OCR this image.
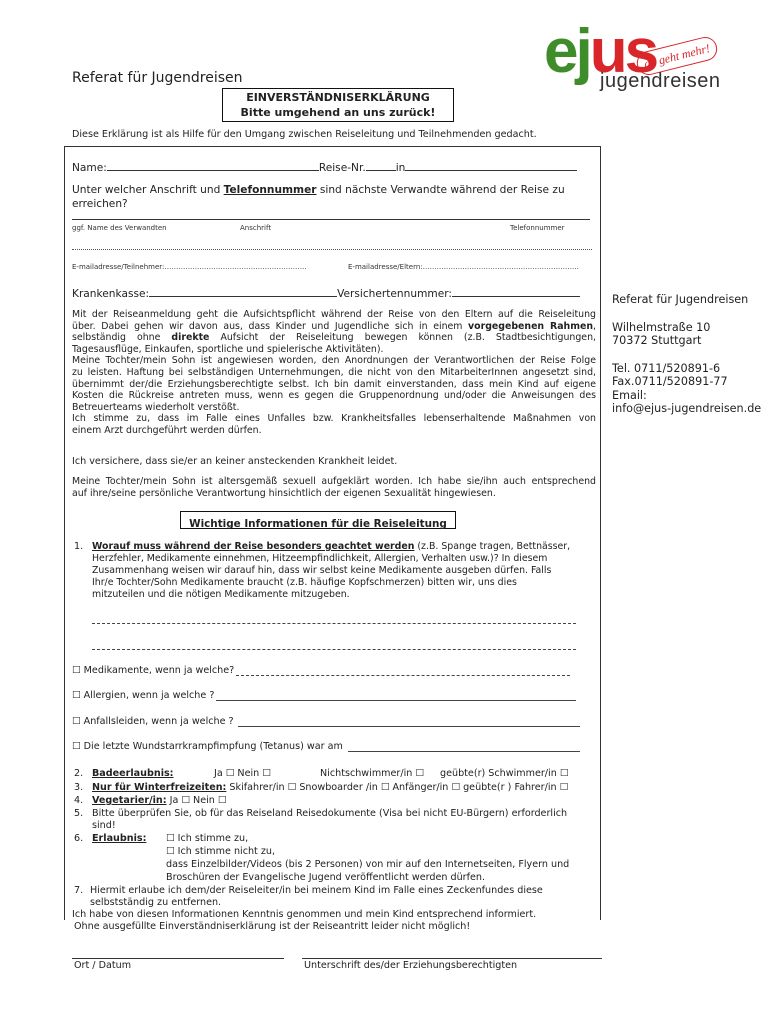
ejus
da geht mehr!
jugendreisen
Referat für Jugendreisen
EINVERSTÄNDNISERKLÄRUNG
Bitte umgehend an uns zurück!
Diese Erklärung ist als Hilfe für den Umgang zwischen Reiseleitung und Teilnehmenden gedacht.
Name:	Reise-Nr.	in
Unter welcher Anschrift und Telefonnummer sind nächste Verwandte während der Reise zu
erreichen?
ggf. Name des Verwandten	Anschrift	Telefonnummer
E-mailadresse/Teilnehmer:…………………………………………………….	E-mailadresse/Eltern:………………………………………………………….
Krankenkasse:	Versichertennummer:
Mit der Reiseanmeldung geht die Aufsichtspflicht während der Reise von den Eltern auf die Reiseleitung
über. Dabei gehen wir davon aus, dass Kinder und Jugendliche sich in einem vorgegebenen Rahmen,
selbständig ohne direkte Aufsicht der Reiseleitung bewegen können (z.B. Stadtbesichtigungen,
Tagesausflüge, Einkaufen, sportliche und spielerische Aktivitäten).
Meine Tochter/mein Sohn ist angewiesen worden, den Anordnungen der Verantwortlichen der Reise Folge
zu leisten. Haftung bei selbständigen Unternehmungen, die nicht von den MitarbeiterInnen angesetzt sind,
übernimmt der/die Erziehungsberechtigte selbst. Ich bin damit einverstanden, dass mein Kind auf eigene
Kosten die Rückreise antreten muss, wenn es gegen die Gruppenordnung und/oder die Anweisungen des
Betreuerteams wiederholt verstößt.
Ich stimme zu, dass im Falle eines Unfalles bzw. Krankheitsfalles lebenserhaltende Maßnahmen von
einem Arzt durchgeführt werden dürfen.
Ich versichere, dass sie/er an keiner ansteckenden Krankheit leidet.
Meine Tochter/mein Sohn ist altersgemäß sexuell aufgeklärt worden. Ich habe sie/ihn auch entsprechend
auf ihre/seine persönliche Verantwortung hinsichtlich der eigenen Sexualität hingewiesen.
Wichtige Informationen für die Reiseleitung
1. Worauf muss während der Reise besonders geachtet werden (z.B. Spange tragen, Bettnässer,
Herzfehler, Medikamente einnehmen, Hitzeempfindlichkeit, Allergien, Verhalten usw.)? In diesem
Zusammenhang weisen wir darauf hin, dass wir selbst keine Medikamente ausgeben dürfen. Falls
Ihr/e Tochter/Sohn Medikamente braucht (z.B. häufige Kopfschmerzen) bitten wir, uns dies
mitzuteilen und die nötigen Medikamente mitzugeben.
☐ Medikamente, wenn ja welche?
☐ Allergien, wenn ja welche ?
☐ Anfallsleiden, wenn ja welche ?
☐ Die letzte Wundstarrkrampfimpfung (Tetanus) war am
2. Badeerlaubnis:	Ja ☐ Nein ☐	Nichtschwimmer/in ☐ geübte(r) Schwimmer/in ☐
3. Nur für Winterfreizeiten: Skifahrer/in ☐ Snowboarder /in ☐ Anfänger/in ☐ geübte(r ) Fahrer/in ☐
4. Vegetarier/in: Ja ☐ Nein ☐
5. Bitte überprüfen Sie, ob für das Reiseland Reisedokumente (Visa bei nicht EU-Bürgern) erforderlich
sind!
6. Erlaubnis: ☐ Ich stimme zu,
☐ Ich stimme nicht zu,
dass Einzelbilder/Videos (bis 2 Personen) von mir auf den Internetseiten, Flyern und
Broschüren der Evangelische Jugend veröffentlicht werden dürfen.
7. Hiermit erlaube ich dem/der Reiseleiter/in bei meinem Kind im Falle eines Zeckenfundes diese
selbstständig zu entfernen.
Ich habe von diesen Informationen Kenntnis genommen und mein Kind entsprechend informiert.
Ohne ausgefüllte Einverständniserklärung ist der Reiseantritt leider nicht möglich!
Ort / Datum	Unterschrift des/der Erziehungsberechtigten
Referat für Jugendreisen
Wilhelmstraße 10
70372 Stuttgart
Tel. 0711/520891-6
Fax.0711/520891-77
Email:
info@ejus-jugendreisen.de
